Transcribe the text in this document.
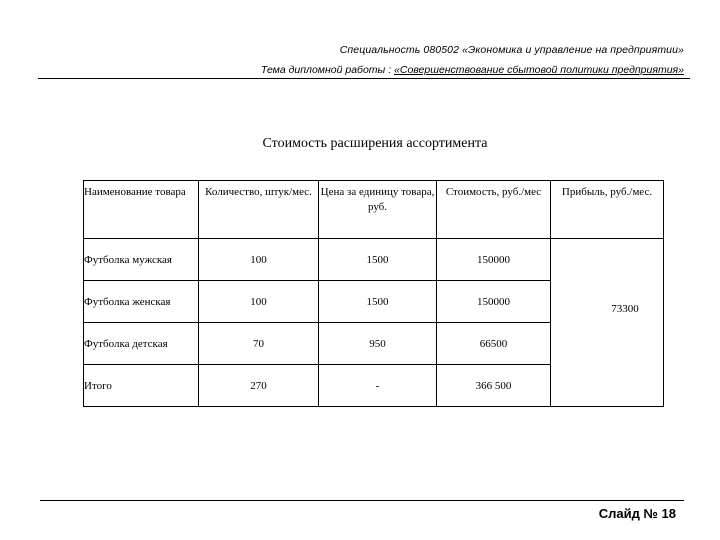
Специальность 080502 «Экономика и управление на предприятии»
Тема дипломной работы : «Совершенствование сбытовой политики предприятия»
Стоимость расширения ассортимента
Наименование товара	Количество, штук/мес.	Цена за единицу товара, руб.	Стоимость, руб./мес	Прибыль, руб./мес.
Футболка мужская	100	1500	150000	73300
Футболка женская	100	1500	150000	
Футболка детская	70	950	66500	
Итого	270	-	366 500	
Слайд № 18
